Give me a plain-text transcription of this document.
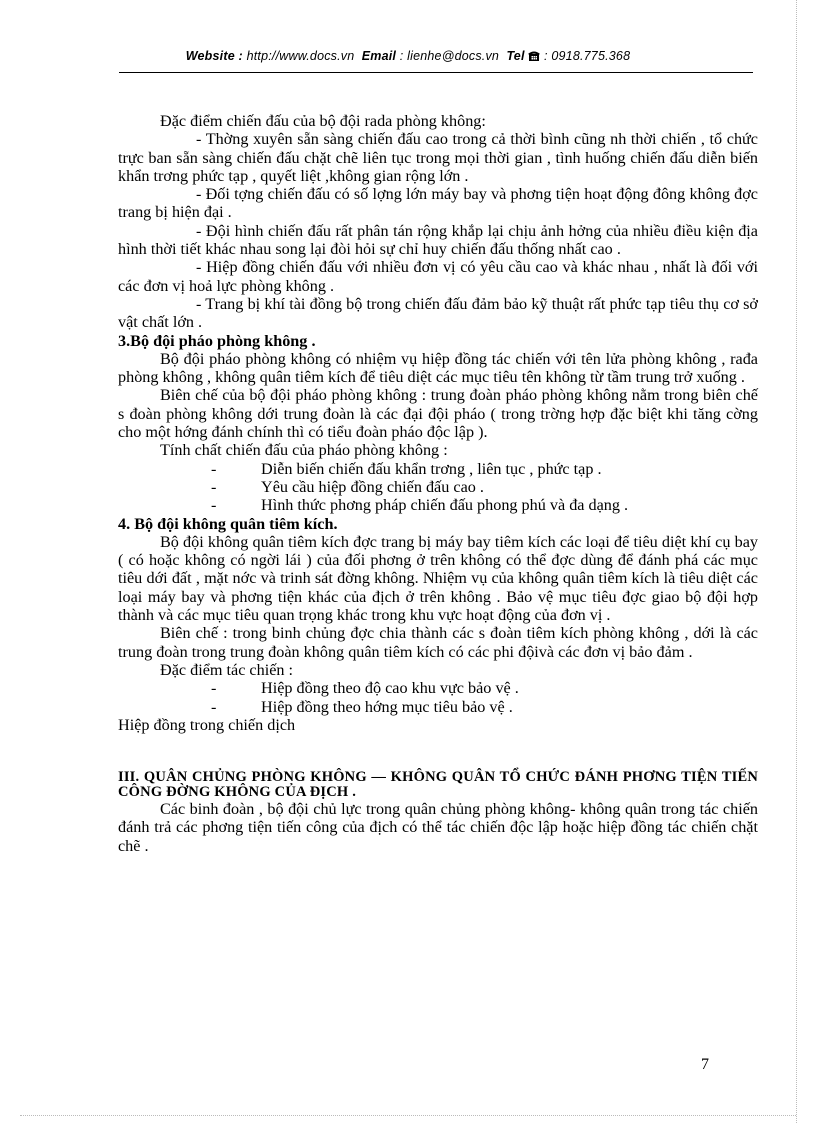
Website : http://www.docs.vn Email : lienhe@docs.vn Tel : 0918.775.368

Đặc điểm chiến đấu của bộ đội rada phòng không:

- Thờng xuyên sẵn sàng chiến đấu cao trong cả thời bình cũng nh thời chiến , tổ chức trực ban sẵn sàng chiến đấu chặt chẽ liên tục trong mọi thời gian , tình huống chiến đấu diễn biến khẩn trơng phức tạp , quyết liệt ,không gian rộng lớn .

- Đối tợng chiến đấu có số lợng lớn máy bay và phơng tiện hoạt động đông không đợc trang bị hiện đại .

- Đội hình chiến đấu rất phân tán rộng khắp lại chịu ảnh hởng của nhiều điều kiện địa hình thời tiết khác nhau song lại đòi hỏi sự chỉ huy chiến đấu thống nhất cao .

- Hiệp đồng chiến đấu với nhiều đơn vị có yêu cầu cao và khác nhau , nhất là đối với các đơn vị hoả lực phòng không .

- Trang bị khí tài đồng bộ trong chiến đấu đảm bảo kỹ thuật rất phức tạp tiêu thụ cơ sở vật chất lớn .

3.Bộ đội pháo phòng không .

Bộ đội pháo phòng không có nhiệm vụ hiệp đồng tác chiến với tên lửa phòng không , rađa phòng không , không quân tiêm kích để tiêu diệt các mục tiêu tên không từ tầm trung trở xuống .

Biên chế của bộ đội pháo phòng không : trung đoàn pháo phòng không nằm trong biên chế s đoàn phòng không dới trung đoàn là các đại đội pháo ( trong trờng hợp đặc biệt khi tăng cờng cho một hớng đánh chính thì có tiểu đoàn pháo độc lập ).

Tính chất chiến đấu của pháo phòng không :

-	Diễn biến chiến đấu khẩn trơng , liên tục , phức tạp .
-	Yêu cầu hiệp đồng chiến đấu cao .
-	Hình thức phơng pháp chiến đấu phong phú và đa dạng .

4. Bộ đội không quân tiêm kích.

Bộ đội không quân tiêm kích đợc trang bị máy bay tiêm kích các loại để tiêu diệt khí cụ bay ( có hoặc không có ngời lái ) của đối phơng ở trên không có thể đợc dùng để đánh phá các mục tiêu dới đất , mặt nớc và trinh sát đờng không. Nhiệm vụ của không quân tiêm kích là tiêu diệt các loại máy bay và phơng tiện khác của địch ở trên không . Bảo vệ mục tiêu đợc giao bộ đội hợp thành và các mục tiêu quan trọng khác trong khu vực hoạt động của đơn vị .

Biên chế : trong binh chủng đợc chia thành các s đoàn tiêm kích phòng không , dới là các trung đoàn trong trung đoàn không quân tiêm kích có các phi độivà các đơn vị bảo đảm .

Đặc điểm tác chiến :

-	Hiệp đồng theo độ cao khu vực bảo vệ .
-	Hiệp đồng theo hớng mục tiêu bảo vệ .

Hiệp đồng trong chiến dịch

III. QUÂN CHỦNG PHÒNG KHÔNG — KHÔNG QUÂN TỔ CHỨC ĐÁNH PHƠNG TIỆN TIẾN CÔNG ĐỜNG KHÔNG CỦA ĐỊCH .

Các binh đoàn , bộ đội chủ lực trong quân chủng phòng không- không quân trong tác chiến đánh trả các phơng tiện tiến công của địch có thể tác chiến độc lập hoặc hiệp đồng tác chiến chặt chẽ .

7
